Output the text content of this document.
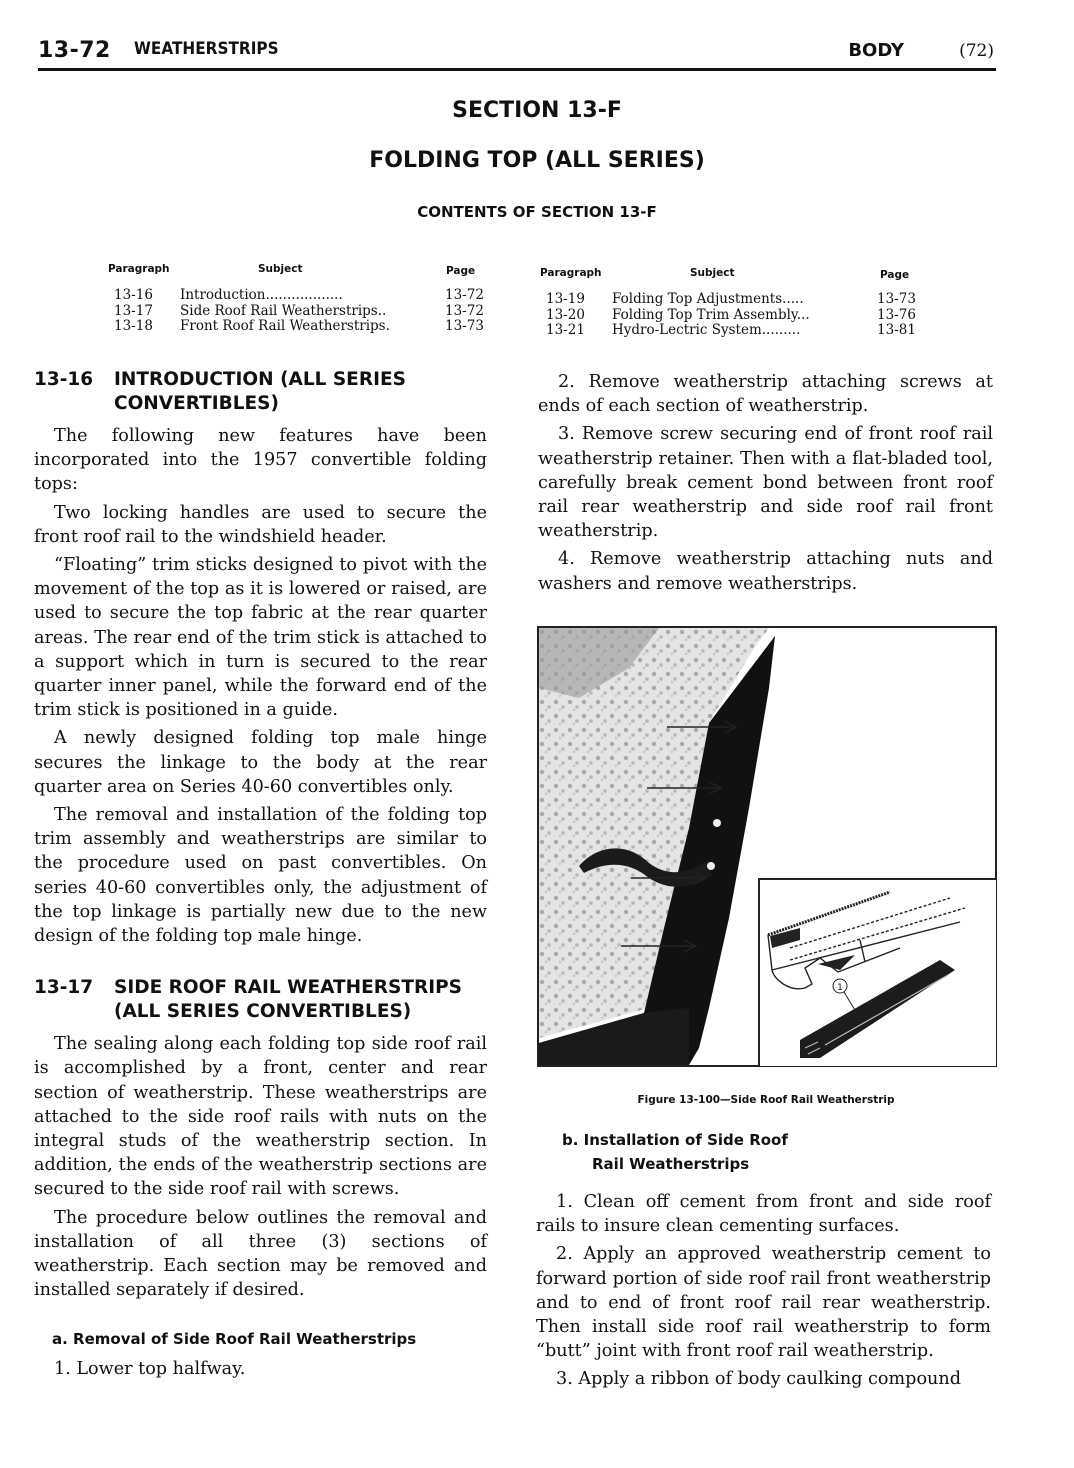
13-72 WEATHERSTRIPS	BODY	(72)
SECTION 13-F
FOLDING TOP (ALL SERIES)
CONTENTS OF SECTION 13-F
Paragraph	Subject	Page
13-16 Introduction..................	13-72
13-17 Side Roof Rail Weatherstrips..	13-72
13-18 Front Roof Rail Weatherstrips.	13-73
Paragraph	Subject	Page
13-19 Folding Top Adjustments.....	13-73
13-20 Folding Top Trim Assembly...	13-76
13-21 Hydro-Lectric System.........	13-81
13-16 INTRODUCTION (ALL SERIES
CONVERTIBLES)

The following new features have been incorporated into the 1957 convertible folding tops:

Two locking handles are used to secure the front roof rail to the windshield header.

“Floating” trim sticks designed to pivot with the movement of the top as it is lowered or raised, are used to secure the top fabric at the rear quarter areas. The rear end of the trim stick is attached to a support which in turn is secured to the rear quarter inner panel, while the forward end of the trim stick is positioned in a guide.

A newly designed folding top male hinge secures the linkage to the body at the rear quarter area on Series 40-60 convertibles only.

The removal and installation of the folding top trim assembly and weatherstrips are similar to the procedure used on past convertibles. On series 40-60 convertibles only, the adjustment of the top linkage is partially new due to the new design of the folding top male hinge.

13-17 SIDE ROOF RAIL WEATHERSTRIPS
(ALL SERIES CONVERTIBLES)

The sealing along each folding top side roof rail is accomplished by a front, center and rear section of weatherstrip. These weatherstrips are attached to the side roof rails with nuts on the integral studs of the weatherstrip section. In addition, the ends of the weatherstrip sections are secured to the side roof rail with screws.

The procedure below outlines the removal and installation of all three (3) sections of weatherstrip. Each section may be removed and installed separately if desired.

a. Removal of Side Roof Rail Weatherstrips

1. Lower top halfway.

2. Remove weatherstrip attaching screws at ends of each section of weatherstrip.

3. Remove screw securing end of front roof rail weatherstrip retainer. Then with a flat-bladed tool, carefully break cement bond between front roof rail rear weatherstrip and side roof rail front weatherstrip.

4. Remove weatherstrip attaching nuts and washers and remove weatherstrips.

1
Figure 13-100—Side Roof Rail Weatherstrip
b. Installation of Side Roof
Rail Weatherstrips

1. Clean off cement from front and side roof rails to insure clean cementing surfaces.

2. Apply an approved weatherstrip cement to forward portion of side roof rail front weatherstrip and to end of front roof rail rear weatherstrip. Then install side roof rail weatherstrip to form “butt” joint with front roof rail weatherstrip.

3. Apply a ribbon of body caulking compound
